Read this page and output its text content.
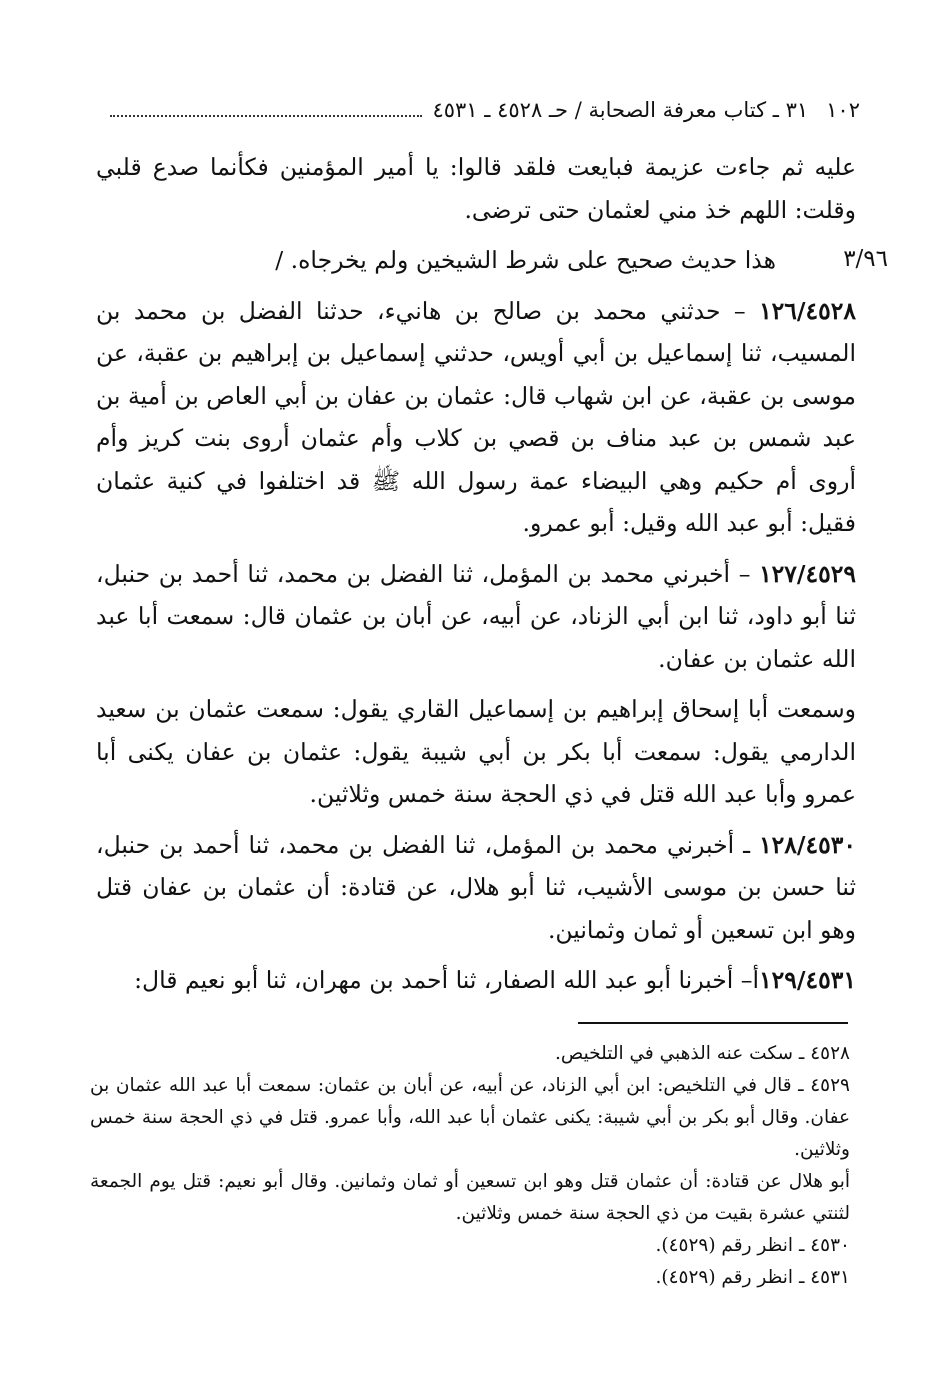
١٠٢
٣١ ـ كتاب معرفة الصحابة / حـ ٤٥٢٨ ـ ٤٥٣١
٣/٩٦

عليه ثم جاءت عزيمة فبايعت فلقد قالوا: يا أمير المؤمنين فكأنما صدع قلبي وقلت: اللهم خذ مني لعثمان حتى ترضى.

هذا حديث صحيح على شرط الشيخين ولم يخرجاه. /

١٢٦/٤٥٢٨ – حدثني محمد بن صالح بن هانيء، حدثنا الفضل بن محمد بن المسيب، ثنا إسماعيل بن أبي أويس، حدثني إسماعيل بن إبراهيم بن عقبة، عن موسى بن عقبة، عن ابن شهاب قال: عثمان بن عفان بن أبي العاص بن أمية بن عبد شمس بن عبد مناف بن قصي بن كلاب وأم عثمان أروى بنت كريز وأم أروى أم حكيم وهي البيضاء عمة رسول الله ﷺ قد اختلفوا في كنية عثمان فقيل: أبو عبد الله وقيل: أبو عمرو.

١٢٧/٤٥٢٩ – أخبرني محمد بن المؤمل، ثنا الفضل بن محمد، ثنا أحمد بن حنبل، ثنا أبو داود، ثنا ابن أبي الزناد، عن أبيه، عن أبان بن عثمان قال: سمعت أبا عبد الله عثمان بن عفان.

وسمعت أبا إسحاق إبراهيم بن إسماعيل القاري يقول: سمعت عثمان بن سعيد الدارمي يقول: سمعت أبا بكر بن أبي شيبة يقول: عثمان بن عفان يكنى أبا عمرو وأبا عبد الله قتل في ذي الحجة سنة خمس وثلاثين.

١٢٨/٤٥٣٠ ـ أخبرني محمد بن المؤمل، ثنا الفضل بن محمد، ثنا أحمد بن حنبل، ثنا حسن بن موسى الأشيب، ثنا أبو هلال، عن قتادة: أن عثمان بن عفان قتل وهو ابن تسعين أو ثمان وثمانين.

١٢٩/٤٥٣١أ– أخبرنا أبو عبد الله الصفار، ثنا أحمد بن مهران، ثنا أبو نعيم قال:

٤٥٢٨ ـ سكت عنه الذهبي في التلخيص.

٤٥٢٩ ـ قال في التلخيص: ابن أبي الزناد، عن أبيه، عن أبان بن عثمان: سمعت أبا عبد الله عثمان بن عفان. وقال أبو بكر بن أبي شيبة: يكنى عثمان أبا عبد الله، وأبا عمرو. قتل في ذي الحجة سنة خمس وثلاثين.

أبو هلال عن قتادة: أن عثمان قتل وهو ابن تسعين أو ثمان وثمانين. وقال أبو نعيم: قتل يوم الجمعة لثنتي عشرة بقيت من ذي الحجة سنة خمس وثلاثين.

٤٥٣٠ ـ انظر رقم (٤٥٢٩).

٤٥٣١ ـ انظر رقم (٤٥٢٩).
